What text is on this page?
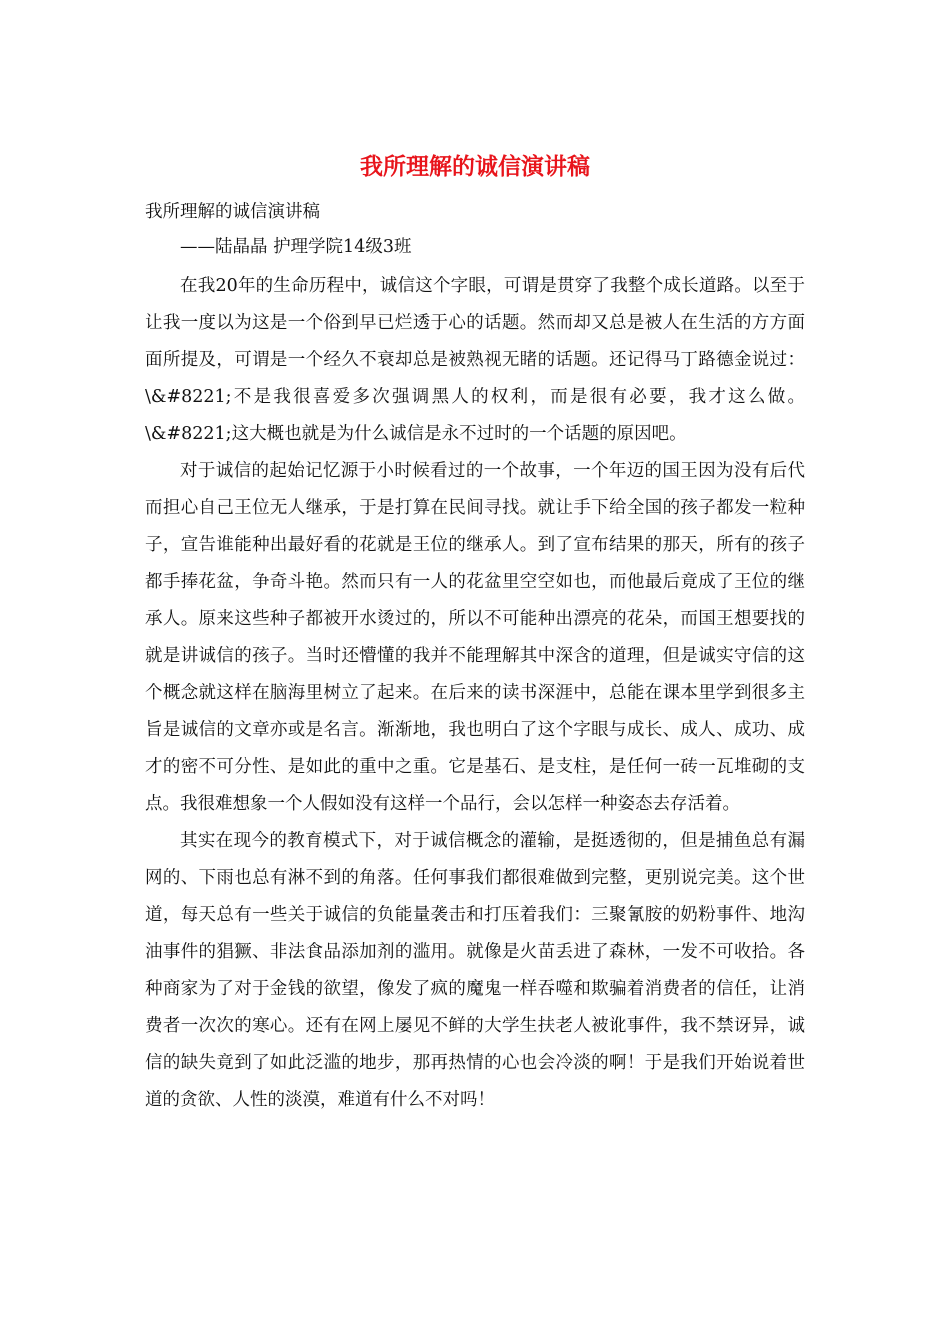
我所理解的诚信演讲稿

我所理解的诚信演讲稿

——陆晶晶 护理学院14级3班

在我20年的生命历程中，诚信这个字眼，可谓是贯穿了我整个成长道路。以至于让我一度以为这是一个俗到早已烂透于心的话题。然而却又总是被人在生活的方方面面所提及，可谓是一个经久不衰却总是被熟视无睹的话题。还记得马丁路德金说过：\&#8221;不是我很喜爱多次强调黑人的权利，而是很有必要，我才这么做。\&#8221;这大概也就是为什么诚信是永不过时的一个话题的原因吧。

对于诚信的起始记忆源于小时候看过的一个故事，一个年迈的国王因为没有后代而担心自己王位无人继承，于是打算在民间寻找。就让手下给全国的孩子都发一粒种子，宣告谁能种出最好看的花就是王位的继承人。到了宣布结果的那天，所有的孩子都手捧花盆，争奇斗艳。然而只有一人的花盆里空空如也，而他最后竟成了王位的继承人。原来这些种子都被开水烫过的，所以不可能种出漂亮的花朵，而国王想要找的就是讲诚信的孩子。当时还懵懂的我并不能理解其中深含的道理，但是诚实守信的这个概念就这样在脑海里树立了起来。在后来的读书深涯中，总能在课本里学到很多主旨是诚信的文章亦或是名言。渐渐地，我也明白了这个字眼与成长、成人、成功、成才的密不可分性、是如此的重中之重。它是基石、是支柱，是任何一砖一瓦堆砌的支点。我很难想象一个人假如没有这样一个品行，会以怎样一种姿态去存活着。

其实在现今的教育模式下，对于诚信概念的灌输，是挺透彻的，但是捕鱼总有漏网的、下雨也总有淋不到的角落。任何事我们都很难做到完整，更别说完美。这个世道，每天总有一些关于诚信的负能量袭击和打压着我们：三聚氰胺的奶粉事件、地沟油事件的猖獗、非法食品添加剂的滥用。就像是火苗丢进了森林，一发不可收拾。各种商家为了对于金钱的欲望，像发了疯的魔鬼一样吞噬和欺骗着消费者的信任，让消费者一次次的寒心。还有在网上屡见不鲜的大学生扶老人被讹事件，我不禁讶异，诚信的缺失竟到了如此泛滥的地步，那再热情的心也会冷淡的啊！于是我们开始说着世道的贪欲、人性的淡漠，难道有什么不对吗！
